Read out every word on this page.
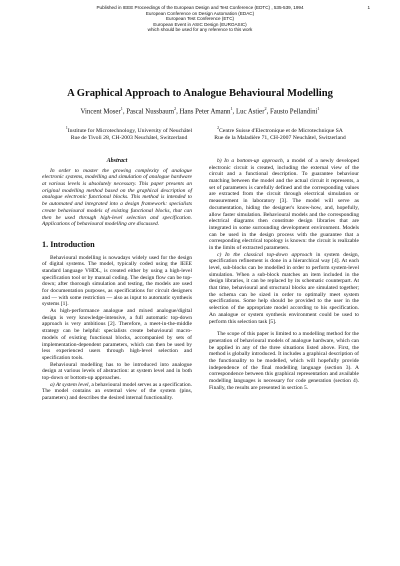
Published in IEEE Proceedings of the European Design and Test Conference (EDTC) , 535-539, 1994
European Conference on Design Automation (EDAC)
European Test Conference (ETC)
European Event in ASIC Design (EUROASIC)
which should be used for any reference to this work
1
A Graphical Approach to Analogue Behavioural Modelling
Vincent Moser$^1$, Pascal Nussbaum$^2$, Hans Peter Amann$^1$, Luc Astier$^2$, Fausto Pellandini$^1$
$^1$Institute for Microtechnology, University of Neuchâtel
Rue de Tivoli 28, CH-2003 Neuchâtel, Switzerland
$^2$Centre Suisse d'Electronique et de Microtechnique SA
Rue de la Maladière 71, CH-2007 Neuchâtel, Switzerland
Abstract

In order to master the growing complexity of analogue electronic systems, modelling and simulation of analogue hardware at various levels is absolutely necessary. This paper presents an original modelling method based on the graphical description of analogue electronic functional blocks. This method is intended to be automated and integrated into a design framework: specialists create behavioural models of existing functional blocks, that can then be used through high-level selection and specification. Applications of behavioural modelling are discussed.

1. Introduction

Behavioural modelling is nowadays widely used for the design of digital systems. The model, typically coded using the IEEE standard language VHDL, is created either by using a high-level specification tool or by manual coding. The design flow can be top-down; after thorough simulation and testing, the models are used for documentation purposes, as specifications for circuit designers and — with some restriction — also as input to automatic synthesis systems [1].

As high-performance analogue and mixed analogue/digital design is very knowledge-intensive, a full automatic top-down approach is very ambitious [2]. Therefore, a meet-in-the-middle strategy can be helpful: specialists create behavioural macro-models of existing functional blocks, accompanied by sets of implementation-dependent parameters, which can then be used by less experienced users through high-level selection and specification tools.

Behavioural modelling has to be introduced into analogue design at various levels of abstraction: at system level and in both top-down or bottom-up approaches.

a) At system level, a behavioural model serves as a specification. The model contains an external view of the system (pins, parameters) and describes the desired internal functionality.

b) In a bottom-up approach, a model of a newly developed electronic circuit is created, including the external view of the circuit and a functional description. To guarantee behaviour matching between the model and the actual circuit it represents, a set of parameters is carefully defined and the corresponding values are extracted from the circuit through electrical simulation or measurement in laboratory [3]. The model will serve as documentation, hiding the designer's know-how, and, hopefully, allow faster simulation. Behavioural models and the corresponding electrical diagrams then constitute design libraries that are integrated in some surrounding development environment. Models can be used in the design process with the guarantee that a corresponding electrical topology is known: the circuit is realizable in the limits of extracted parameters.

c) In the classical top-down approach in system design, specification refinement is done in a hierarchical way [4]. At each level, sub-blocks can be modelled in order to perform system-level simulation. When a sub-block matches an item included in the design libraries, it can be replaced by its schematic counterpart. At that time, behavioural and structural blocks are simulated together; the schema can be sized in order to optimally meet system specifications. Some help should be provided to the user in the selection of the appropriate model according to his specification. An analogue or system synthesis environment could be used to perform this selection task [5].

The scope of this paper is limited to a modelling method for the generation of behavioural models of analogue hardware, which can be applied in any of the three situations listed above. First, the method is globally introduced. It includes a graphical description of the functionality to be modelled, which will hopefully provide independence of the final modelling language (section 3). A correspondence between this graphical representation and available modelling languages is necessary for code generation (section 4). Finally, the results are presented in section 5.
